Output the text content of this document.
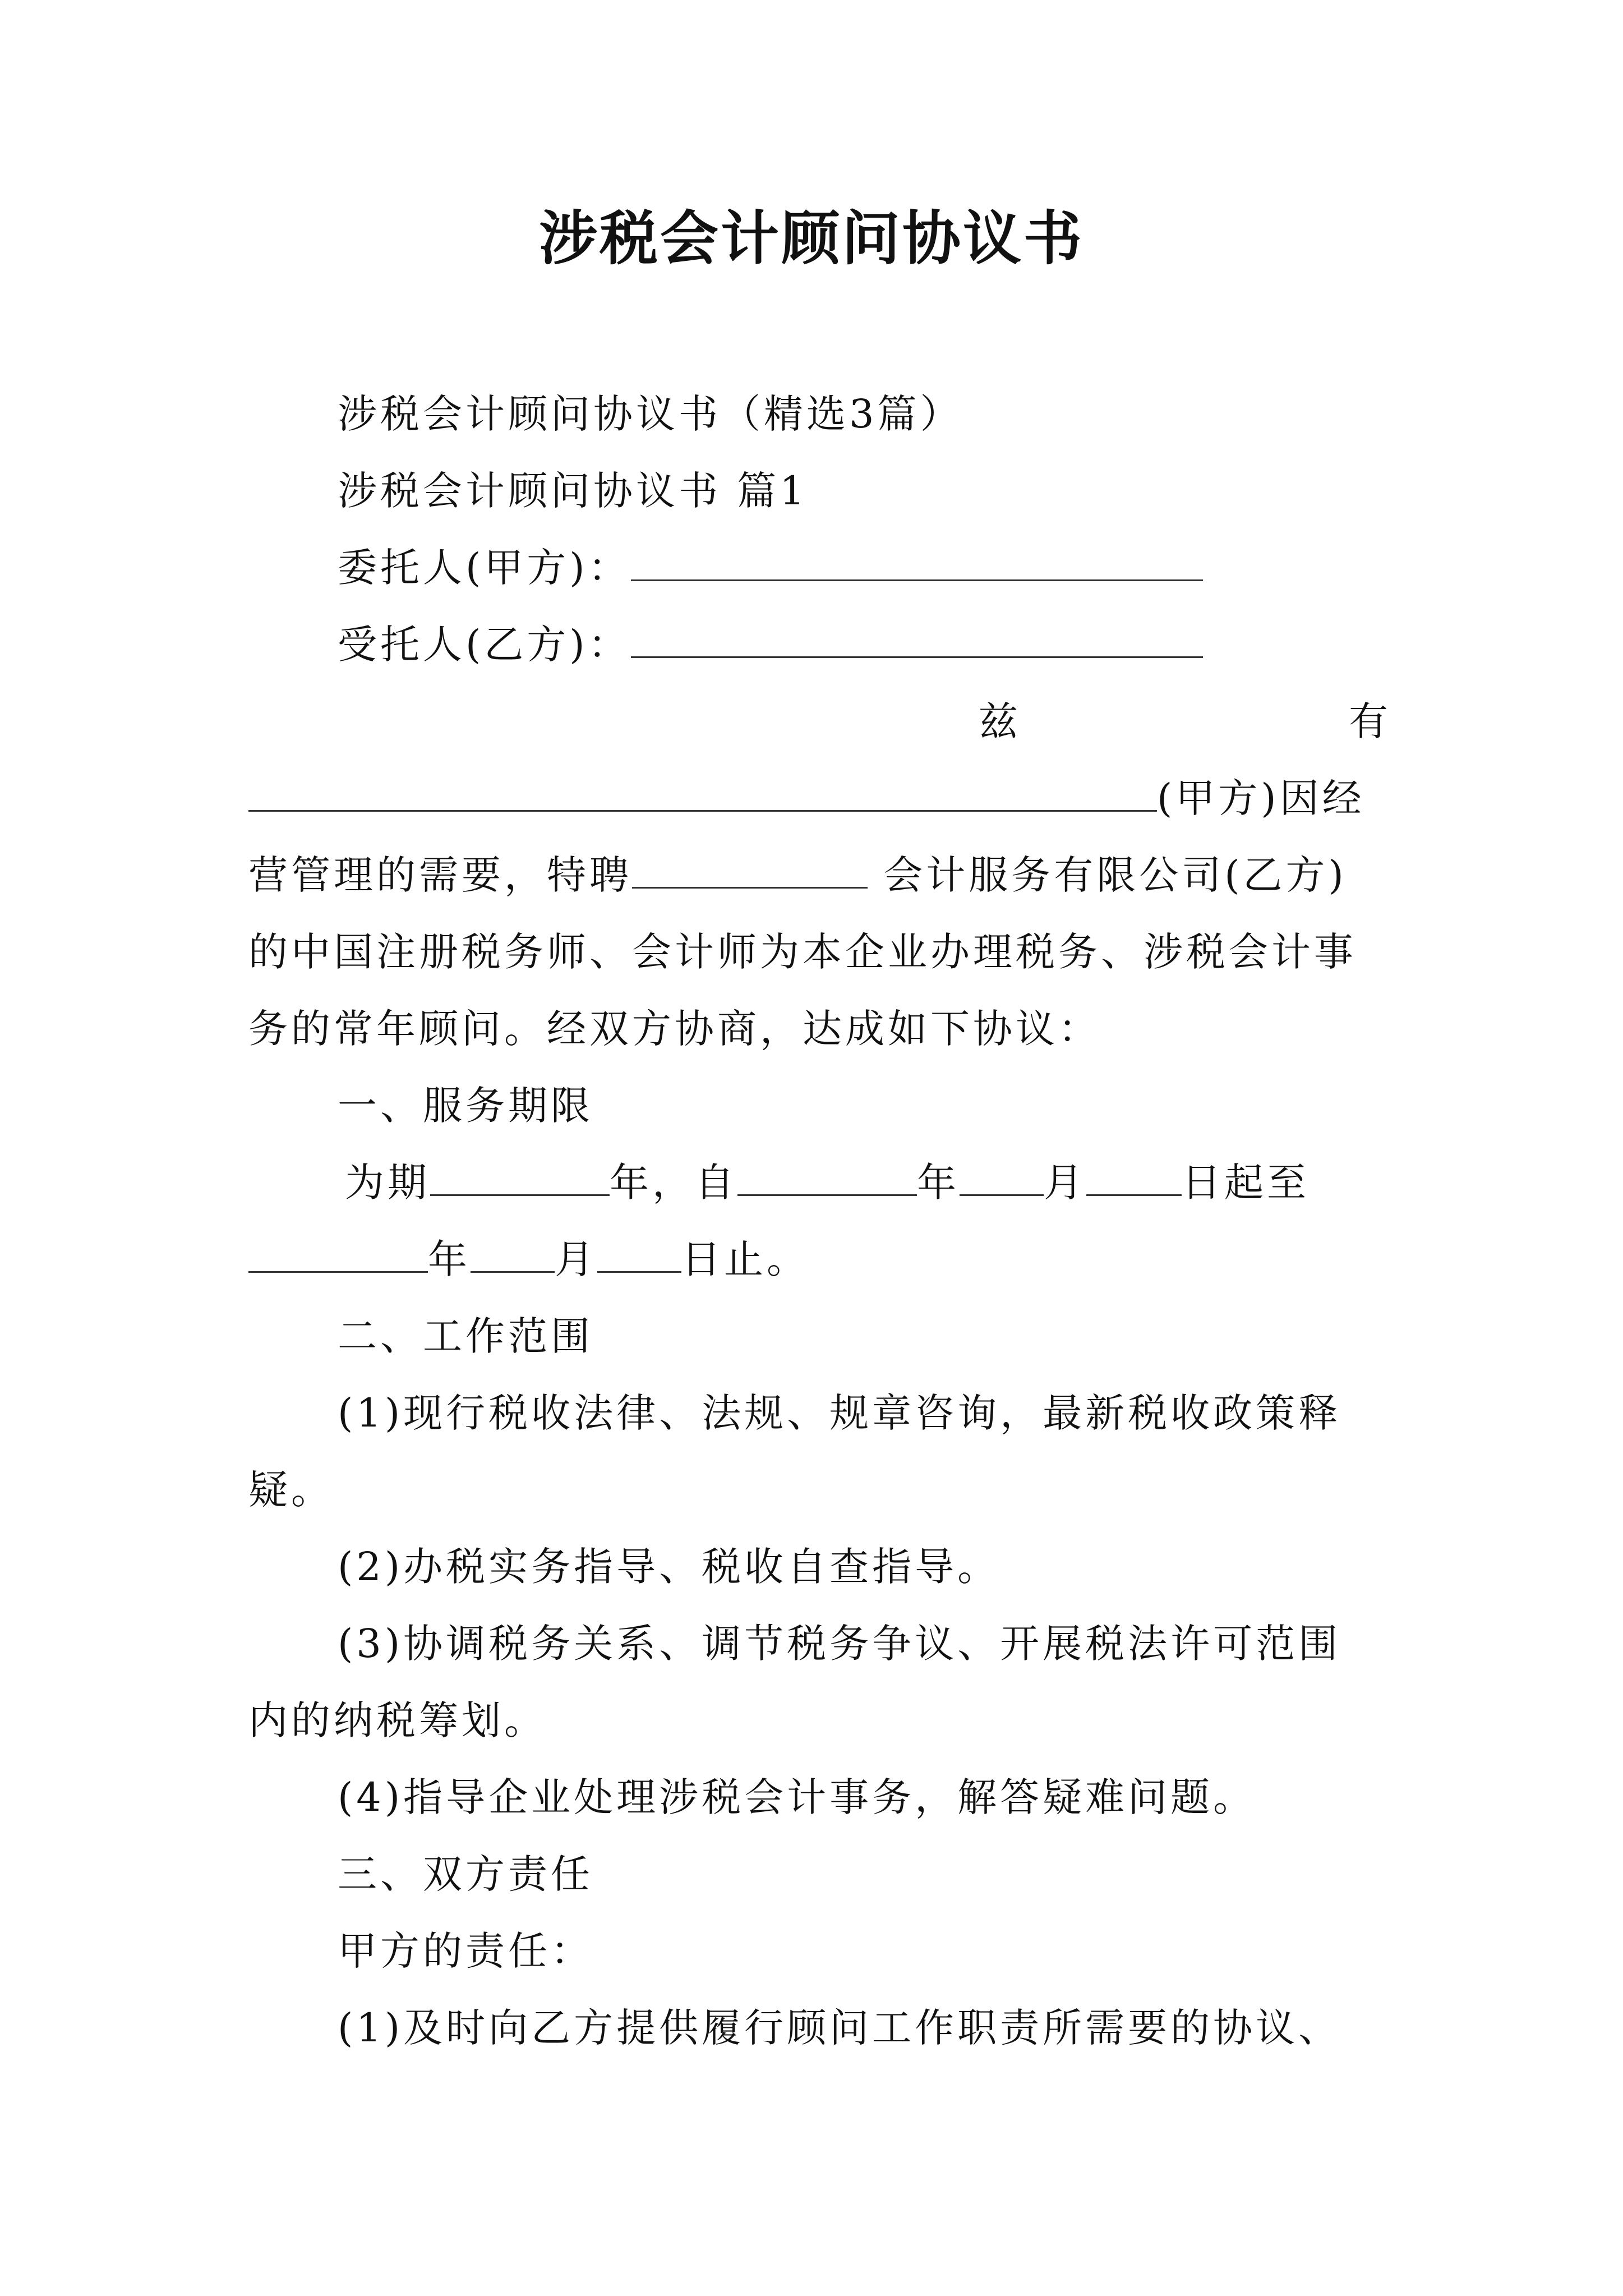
涉税会计顾问协议书
涉税会计顾问协议书（精选3篇）
涉税会计顾问协议书 篇1
委托人(甲方)：
受托人(乙方)：
兹	有
(甲方)因经
营管理的需要，特聘	会计服务有限公司(乙方)
的中国注册税务师、会计师为本企业办理税务、涉税会计事
务的常年顾问。经双方协商，达成如下协议：
一、服务期限
为期	年，自	年 月 日起至
年 月 日止。
二、工作范围
(1)现行税收法律、法规、规章咨询，最新税收政策释
疑。
(2)办税实务指导、税收自查指导。
(3)协调税务关系、调节税务争议、开展税法许可范围
内的纳税筹划。
(4)指导企业处理涉税会计事务，解答疑难问题。
三、双方责任
甲方的责任：
(1)及时向乙方提供履行顾问工作职责所需要的协议、
